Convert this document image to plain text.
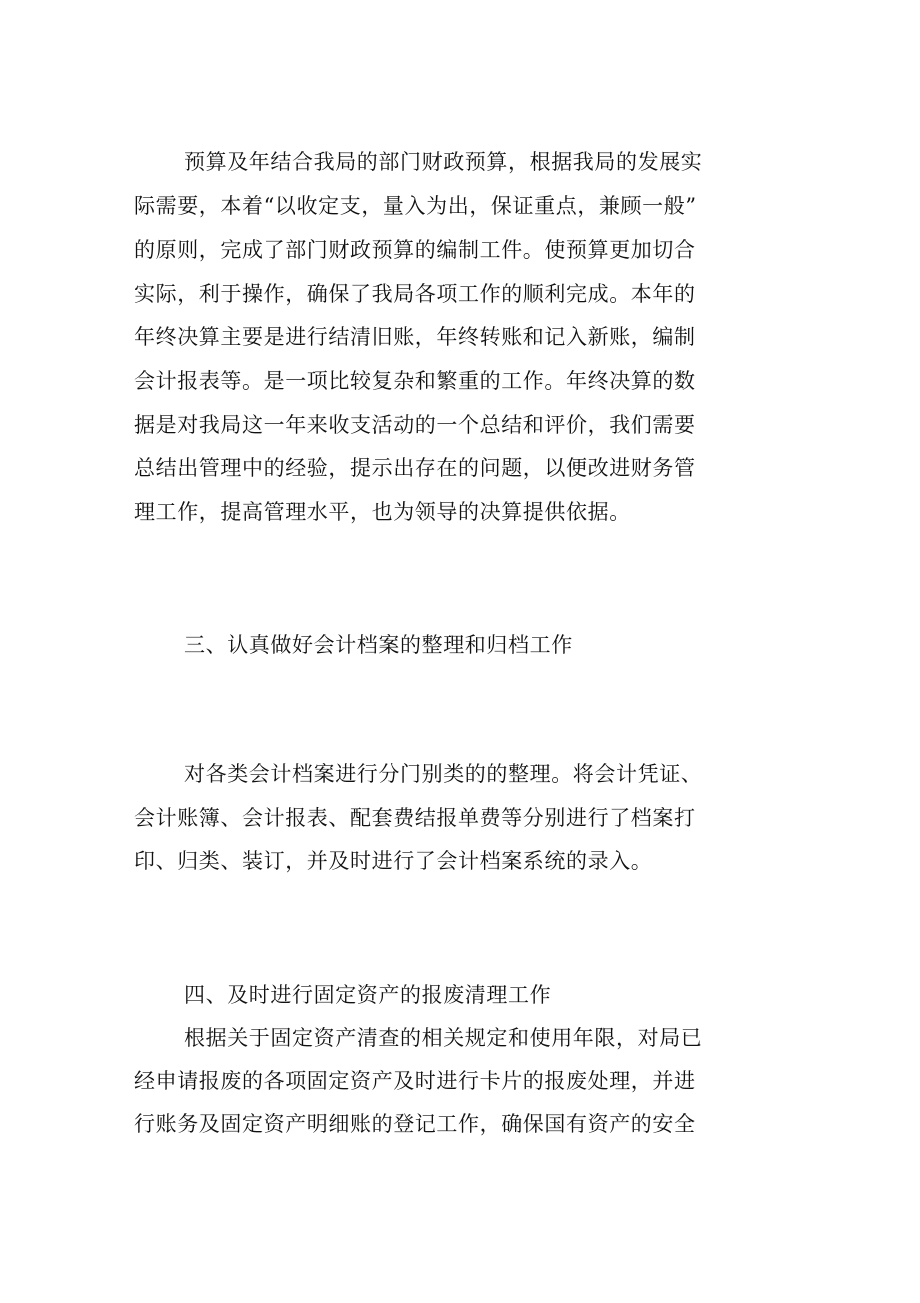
预算及年结合我局的部门财政预算，根据我局的发展实
际需要，本着“以收定支，量入为出，保证重点，兼顾一般”
的原则，完成了部门财政预算的编制工件。使预算更加切合
实际，利于操作，确保了我局各项工作的顺利完成。本年的
年终决算主要是进行结清旧账，年终转账和记入新账，编制
会计报表等。是一项比较复杂和繁重的工作。年终决算的数
据是对我局这一年来收支活动的一个总结和评价，我们需要
总结出管理中的经验，提示出存在的问题，以便改进财务管
理工作，提高管理水平，也为领导的决算提供依据。
三、认真做好会计档案的整理和归档工作
对各类会计档案进行分门别类的的整理。将会计凭证、
会计账簿、会计报表、配套费结报单费等分别进行了档案打
印、归类、装订，并及时进行了会计档案系统的录入。
四、及时进行固定资产的报废清理工作
根据关于固定资产清查的相关规定和使用年限，对局已
经申请报废的各项固定资产及时进行卡片的报废处理，并进
行账务及固定资产明细账的登记工作，确保国有资产的安全
